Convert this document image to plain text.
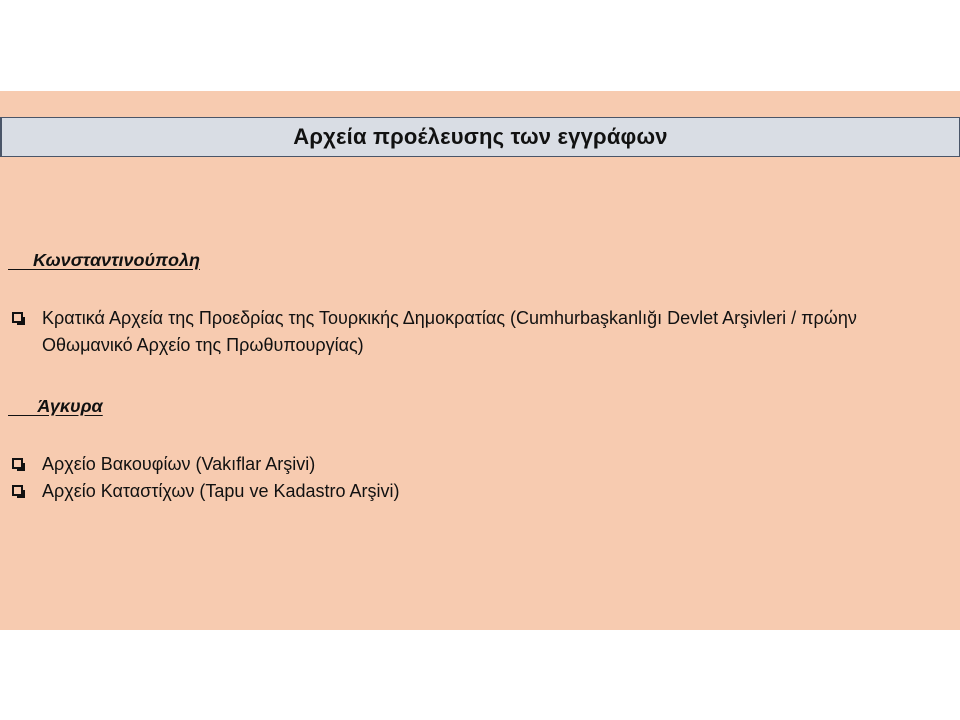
Αρχεία προέλευσης των εγγράφων
Κωνσταντινούπολη
Κρατικά Αρχεία της Προεδρίας της Τουρκικής Δημοκρατίας (Cumhurbaşkanlığı Devlet Arşivleri / πρώην Οθωμανικό Αρχείο της Πρωθυπουργίας)
Άγκυρα
Αρχείο Βακουφίων (Vakıflar Arşivi)
Αρχείο Καταστίχων (Tapu ve Kadastro Arşivi)
